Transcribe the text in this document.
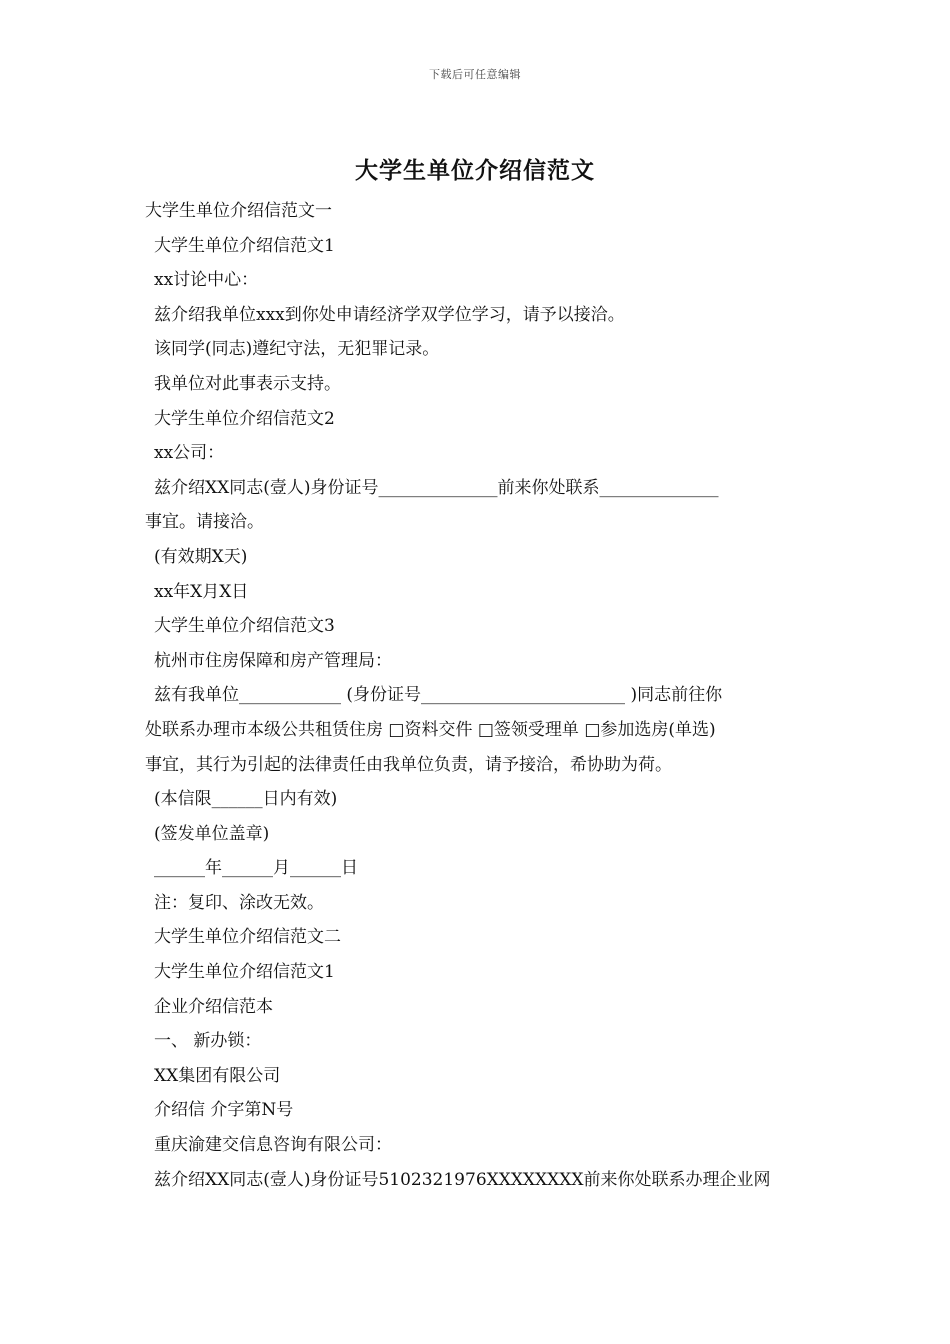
下载后可任意编辑
大学生单位介绍信范文
大学生单位介绍信范文一
大学生单位介绍信范文1
xx讨论中心：
兹介绍我单位xxx到你处申请经济学双学位学习，请予以接洽。
该同学(同志)遵纪守法，无犯罪记录。
我单位对此事表示支持。
大学生单位介绍信范文2
xx公司：
兹介绍XX同志(壹人)身份证号______________前来你处联系______________
事宜。请接洽。
(有效期X天)
xx年X月X日
大学生单位介绍信范文3
杭州市住房保障和房产管理局：
兹有我单位____________ (身份证号________________________ )同志前往你
处联系办理市本级公共租赁住房 □资料交件 □签领受理单 □参加选房(单选)
事宜，其行为引起的法律责任由我单位负责，请予接洽，希协助为荷。
(本信限______日内有效)
(签发单位盖章)
______年______月______日
注：复印、涂改无效。
大学生单位介绍信范文二
大学生单位介绍信范文1
企业介绍信范本
一、 新办锁：
XX集团有限公司
介绍信 介字第N号
重庆渝建交信息咨询有限公司：
兹介绍XX同志(壹人)身份证号5102321976XXXXXXXX前来你处联系办理企业网
